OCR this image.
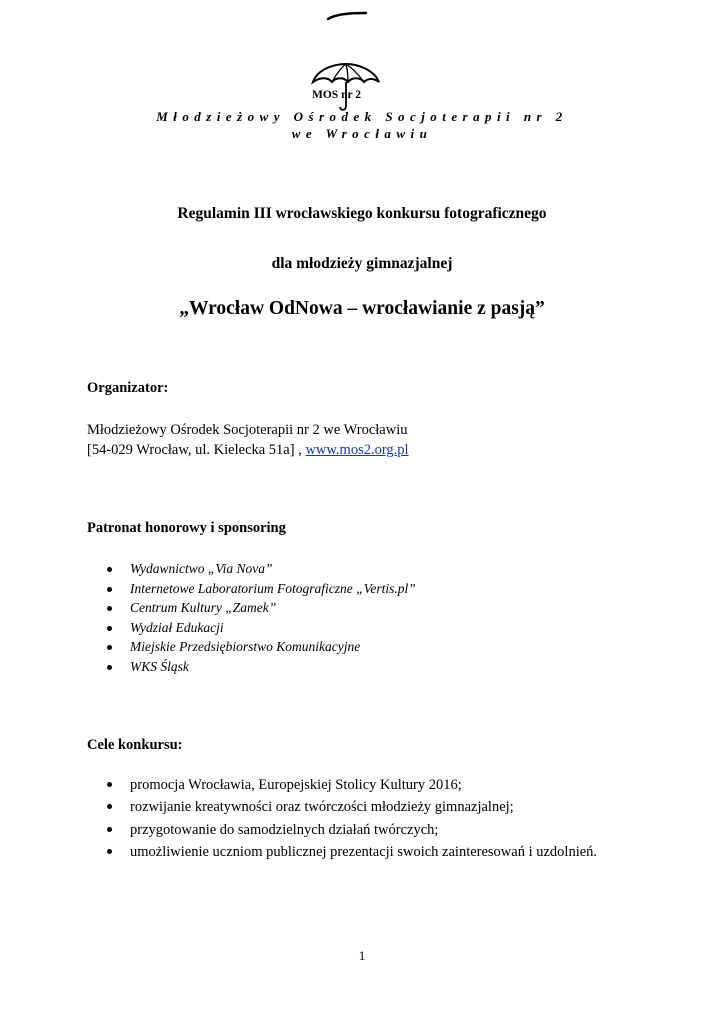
MOS nr 2
Młodzieżowy Ośrodek Socjoterapii nr 2
we Wrocławiu
Regulamin III wrocławskiego konkursu fotograficznego
dla młodzieży gimnazjalnej
„Wrocław OdNowa – wrocławianie z pasją”
Organizator:
Młodzieżowy Ośrodek Socjoterapii nr 2 we Wrocławiu
[54-029 Wrocław, ul. Kielecka 51a] , www.mos2.org.pl
Patronat honorowy i sponsoring
Wydawnictwo „Via Nova”
Internetowe Laboratorium Fotograficzne „Vertis.pl”
Centrum Kultury „Zamek”
Wydział Edukacji
Miejskie Przedsiębiorstwo Komunikacyjne
WKS Śląsk
Cele konkursu:
promocja Wrocławia, Europejskiej Stolicy Kultury 2016;
rozwijanie kreatywności oraz twórczości młodzieży gimnazjalnej;
przygotowanie do samodzielnych działań twórczych;
umożliwienie uczniom publicznej prezentacji swoich zainteresowań i uzdolnień.
1
